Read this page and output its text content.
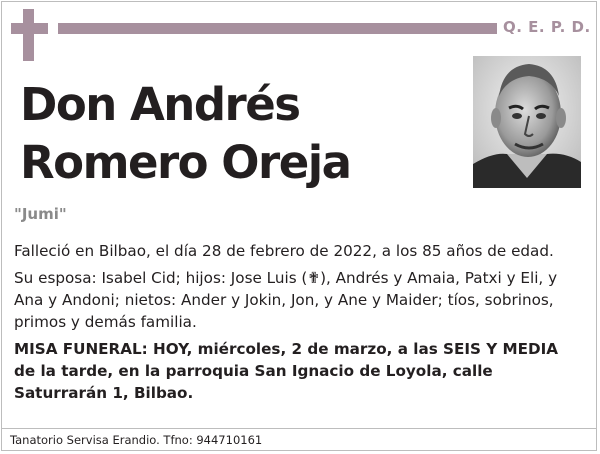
Q. E. P. D.
Don Andrés
Romero Oreja
"Jumi"

Falleció en Bilbao, el día 28 de febrero de 2022, a los 85 años de edad.

Su esposa: Isabel Cid; hijos: Jose Luis (✟), Andrés y Amaia, Patxi y Eli, y Ana y Andoni; nietos: Ander y Jokin, Jon, y Ane y Maider; tíos, sobrinos, primos y demás familia.

MISA FUNERAL: HOY, miércoles, 2 de marzo, a las SEIS Y MEDIA de la tarde, en la parroquia San Ignacio de Loyola, calle Saturrarán 1, Bilbao.

Tanatorio Servisa Erandio. Tfno: 944710161
